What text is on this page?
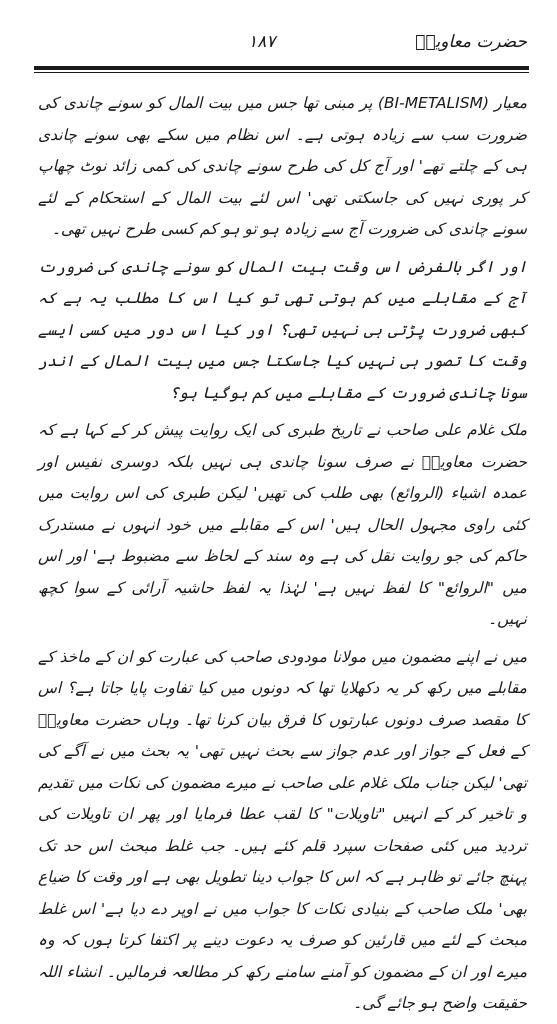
حضرت معاویہؓ
۱۸۷

معیار (BI-METALISM) پر مبنی تھا جس میں بیت المال کو سونے چاندی کی ضرورت سب سے زیادہ ہوتی ہے۔ اس نظام میں سکے بھی سونے چاندی ہی کے چلتے تھے' اور آج کل کی طرح سونے چاندی کی کمی زائد نوٹ چھاپ کر پوری نہیں کی جاسکتی تھی' اس لئے بیت المال کے استحکام کے لئے سونے چاندی کی ضرورت آج سے زیادہ ہو تو ہو کم کسی طرح نہیں تھی۔

اور اگر بالفرض اس وقت بیت المال کو سونے چاندی کی ضرورت آج کے مقابلے میں کم ہوتی تھی تو کیا اس کا مطلب یہ ہے کہ کبھی ضرورت پڑتی ہی نہیں تھی؟ اور کیا اس دور میں کسی ایسے وقت کا تصور ہی نہیں کیا جاسکتا جس میں بیت المال کے اندر سونا چاندی ضرورت کے مقابلے میں کم ہوگیا ہو؟

ملک غلام علی صاحب نے تاریخ طبری کی ایک روایت پیش کر کے کہا ہے کہ حضرت معاویہؓ نے صرف سونا چاندی ہی نہیں بلکہ دوسری نفیس اور عمدہ اشیاء (الروائع) بھی طلب کی تھیں' لیکن طبری کی اس روایت میں کئی راوی مجہول الحال ہیں' اس کے مقابلے میں خود انہوں نے مستدرک حاکم کی جو روایت نقل کی ہے وہ سند کے لحاظ سے مضبوط ہے' اور اس میں "الروائع" کا لفظ نہیں ہے' لہٰذا یہ لفظ حاشیہ آرائی کے سوا کچھ نہیں۔

میں نے اپنے مضمون میں مولانا مودودی صاحب کی عبارت کو ان کے ماخذ کے مقابلے میں رکھ کر یہ دکھلایا تھا کہ دونوں میں کیا تفاوت پایا جاتا ہے؟ اس کا مقصد صرف دونوں عبارتوں کا فرق بیان کرنا تھا۔ وہاں حضرت معاویہؓ کے فعل کے جواز اور عدم جواز سے بحث نہیں تھی' یہ بحث میں نے آگے کی تھی' لیکن جناب ملک غلام علی صاحب نے میرے مضمون کی نکات میں تقدیم و تاخیر کر کے انہیں "تاویلات" کا لقب عطا فرمایا اور پھر ان تاویلات کی تردید میں کئی صفحات سپرد قلم کئے ہیں۔ جب غلط مبحث اس حد تک پہنچ جائے تو ظاہر ہے کہ اس کا جواب دینا تطویل بھی ہے اور وقت کا ضیاع بھی' ملک صاحب کے بنیادی نکات کا جواب میں نے اوپر دے دیا ہے' اس غلط مبحث کے لئے میں قارئین کو صرف یہ دعوت دینے پر اکتفا کرتا ہوں کہ وہ میرے اور ان کے مضمون کو آمنے سامنے رکھ کر مطالعہ فرمالیں۔ انشاء اللہ حقیقت واضح ہو جائے گی۔
